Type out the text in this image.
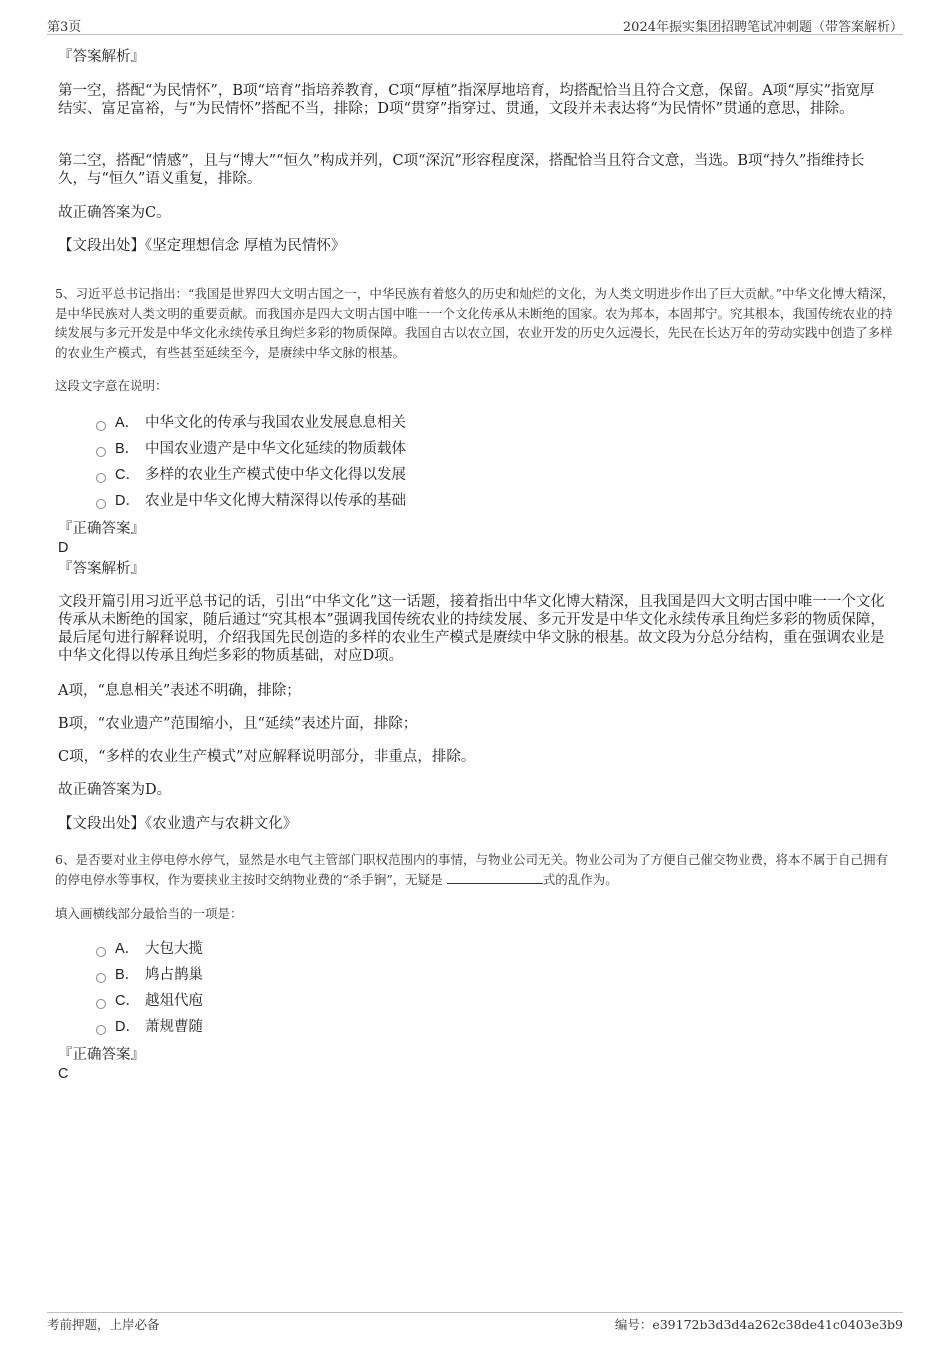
第3页	2024年振实集团招聘笔试冲刺题（带答案解析）
『答案解析』
第一空，搭配“为民情怀”，B项“培育”指培养教育，C项“厚植”指深厚地培育，均搭配恰当且符合文意，保留。A项“厚实”指宽厚结实、富足富裕，与“为民情怀”搭配不当，排除；D项“贯穿”指穿过、贯通，文段并未表达将“为民情怀”贯通的意思，排除。
第二空，搭配“情感”，且与“博大”“恒久”构成并列，C项“深沉”形容程度深，搭配恰当且符合文意，当选。B项“持久”指维持长久，与“恒久”语义重复，排除。
故正确答案为C。
【文段出处】《坚定理想信念 厚植为民情怀》
5、习近平总书记指出：“我国是世界四大文明古国之一，中华民族有着悠久的历史和灿烂的文化，为人类文明进步作出了巨大贡献。”中华文化博大精深，是中华民族对人类文明的重要贡献。而我国亦是四大文明古国中唯一一个文化传承从未断绝的国家。农为邦本，本固邦宁。究其根本，我国传统农业的持续发展与多元开发是中华文化永续传承且绚烂多彩的物质保障。我国自古以农立国，农业开发的历史久远漫长，先民在长达万年的劳动实践中创造了多样的农业生产模式，有些甚至延续至今，是赓续中华文脉的根基。
这段文字意在说明：
A． 中华文化的传承与我国农业发展息息相关
B． 中国农业遗产是中华文化延续的物质载体
C． 多样的农业生产模式使中华文化得以发展
D． 农业是中华文化博大精深得以传承的基础
『正确答案』
D
『答案解析』
文段开篇引用习近平总书记的话，引出“中华文化”这一话题，接着指出中华文化博大精深，且我国是四大文明古国中唯一一个文化传承从未断绝的国家，随后通过“究其根本”强调我国传统农业的持续发展、多元开发是中华文化永续传承且绚烂多彩的物质保障，最后尾句进行解释说明，介绍我国先民创造的多样的农业生产模式是赓续中华文脉的根基。故文段为分总分结构，重在强调农业是中华文化得以传承且绚烂多彩的物质基础，对应D项。
A项，“息息相关”表述不明确，排除；
B项，“农业遗产”范围缩小，且“延续”表述片面，排除；
C项，“多样的农业生产模式”对应解释说明部分，非重点，排除。
故正确答案为D。
【文段出处】《农业遗产与农耕文化》
6、是否要对业主停电停水停气，显然是水电气主管部门职权范围内的事情，与物业公司无关。物业公司为了方便自己催交物业费，将本不属于自己拥有的停电停水等事权，作为要挟业主按时交纳物业费的“杀手锏”，无疑是	式的乱作为。
填入画横线部分最恰当的一项是：
A． 大包大揽
B． 鸠占鹊巢
C． 越俎代庖
D． 萧规曹随
『正确答案』
C
考前押题，上岸必备	编号：e39172b3d3d4a262c38de41c0403e3b9
